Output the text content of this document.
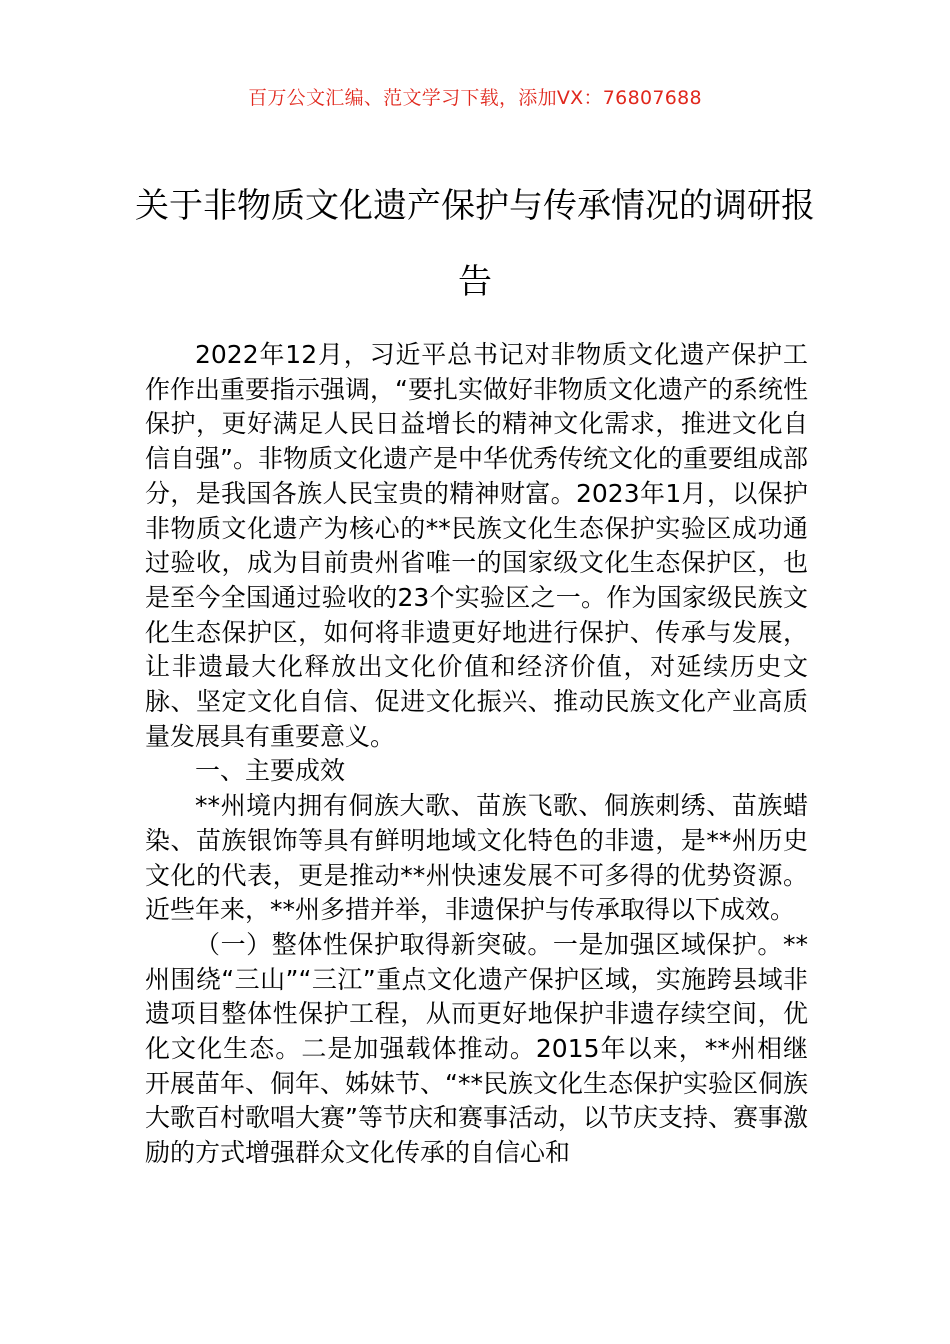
百万公文汇编、范文学习下载，添加VX：76807688
关于非物质文化遗产保护与传承情况的调研报告

2022年12月，习近平总书记对非物质文化遗产保护工作作出重要指示强调，“要扎实做好非物质文化遗产的系统性保护，更好满足人民日益增长的精神文化需求，推进文化自信自强”。非物质文化遗产是中华优秀传统文化的重要组成部分，是我国各族人民宝贵的精神财富。2023年1月，以保护非物质文化遗产为核心的**民族文化生态保护实验区成功通过验收，成为目前贵州省唯一的国家级文化生态保护区，也是至今全国通过验收的23个实验区之一。作为国家级民族文化生态保护区，如何将非遗更好地进行保护、传承与发展，让非遗最大化释放出文化价值和经济价值，对延续历史文脉、坚定文化自信、促进文化振兴、推动民族文化产业高质量发展具有重要意义。

一、主要成效

**州境内拥有侗族大歌、苗族飞歌、侗族刺绣、苗族蜡染、苗族银饰等具有鲜明地域文化特色的非遗，是**州历史文化的代表，更是推动**州快速发展不可多得的优势资源。近些年来，**州多措并举，非遗保护与传承取得以下成效。

（一）整体性保护取得新突破。一是加强区域保护。**州围绕“三山”“三江”重点文化遗产保护区域，实施跨县域非遗项目整体性保护工程，从而更好地保护非遗存续空间，优化文化生态。二是加强载体推动。2015年以来，**州相继开展苗年、侗年、姊妹节、“**民族文化生态保护实验区侗族大歌百村歌唱大赛”等节庆和赛事活动，以节庆支持、赛事激励的方式增强群众文化传承的自信心和
